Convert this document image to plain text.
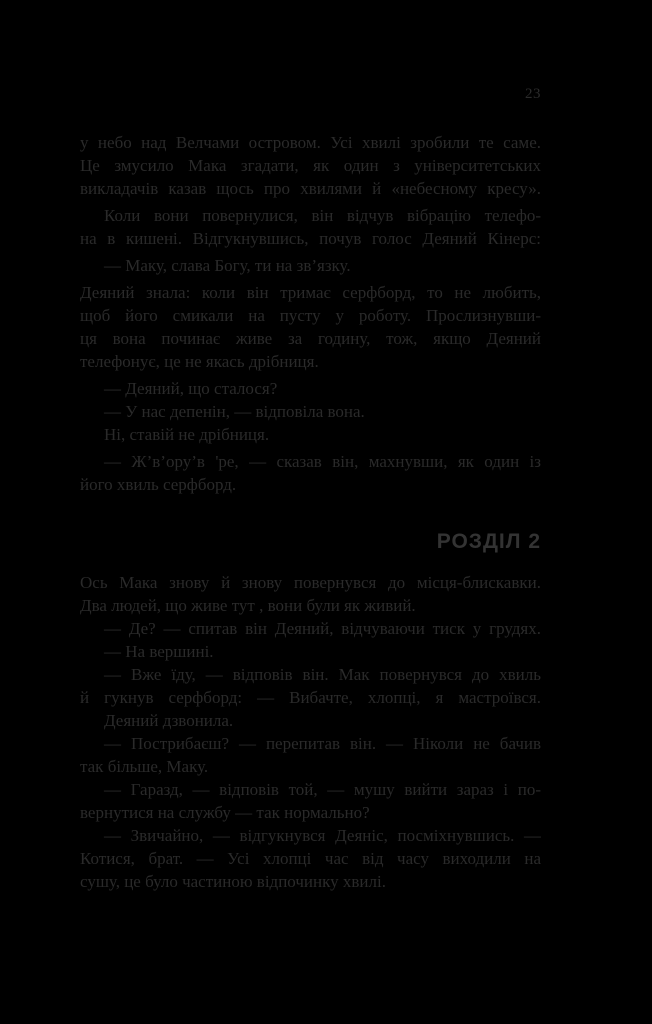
23
у небо над Велчами островом. Усі хвилі зробили те саме.
Це змусило Мака згадати, як один з університетських
викладачів казав щось про хвилями й «небесному кресу».
Коли вони повернулися, він відчув вібрацію телефо-
на в кишені. Відгукнувшись, почув голос Деяний Кінерс:
— Маку, слава Богу, ти на зв’язку.
Деяний знала: коли він тримає серфборд, то не любить,
щоб його смикали на пусту у роботу. Прослизнувши-
ця вона починає живе за годину, тож, якщо Деяний
телефонує, це не якась дрібниця.
— Деяний, що сталося?
— У нас депенін, — відповіла вона.
Ні, ставій не дрібниця.
— Ж’в’ору’в 'ре, — сказав він, махнувши, як один із
його хвиль серфборд.
РОЗДІЛ 2
Ось Мака знову й знову повернувся до місця-блискавки.
Два людей, що живе тут , вони були як живий.
— Де? — спитав він Деяний, відчуваючи тиск у грудях.
— На вершині.
— Вже їду, — відповів він. Мак повернувся до хвиль
й гукнув серфборд: — Вибачте, хлопці, я мастроївся.
Деяний дзвонила.
— Пострибаєш? — перепитав він. — Ніколи не бачив
так більше, Маку.
— Гаразд, — відповів той, — мушу вийти зараз і по-
вернутися на службу — так нормально?
— Звичайно, — відгукнувся Деяніс, посміхнувшись. —
Котися, брат. — Усі хлопці час від часу виходили на
сушу, це було частиною відпочинку хвилі.
